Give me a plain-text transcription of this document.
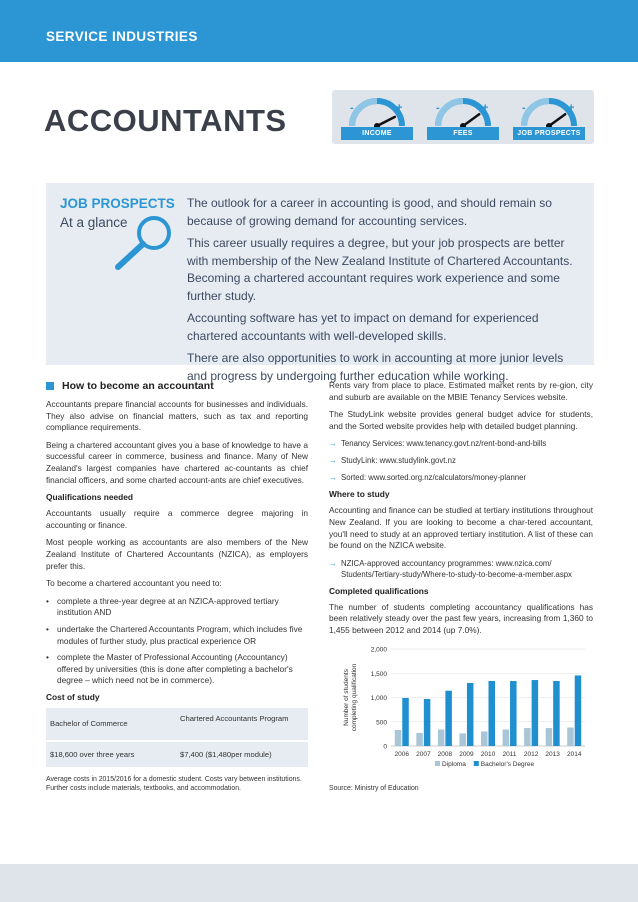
SERVICE INDUSTRIES
ACCOUNTANTS	-	+
INCOME
-	+
FEES
-	+
JOB PROSPECTS
JOB PROSPECTS
At a glance

The outlook for a career in accounting is good, and should remain so because of growing demand for accounting services.

This career usually requires a degree, but your job prospects are better with membership of the New Zealand Institute of Chartered Accountants. Becoming a chartered accountant requires work experience and some further study.

Accounting software has yet to impact on demand for experienced chartered accountants with well-developed skills.

There are also opportunities to work in accounting at more junior levels and progress by undergoing further education while working.

How to become an accountant
Accountants prepare financial accounts for businesses and individuals. They also advise on financial matters, such as tax and reporting compliance requirements.
Being a chartered accountant gives you a base of knowledge to have a successful career in commerce, business and finance. Many of New Zealand's largest companies have chartered ac-countants as chief financial officers, and some charted account-ants are chief executives.
Qualifications needed
Accountants usually require a commerce degree majoring in accounting or finance.
Most people working as accountants are also members of the New Zealand Institute of Chartered Accountants (NZICA), as employers prefer this.
To become a chartered accountant you need to:
• complete a three-year degree at an NZICA-approved tertiary institution AND
• undertake the Chartered Accountants Program, which includes five modules of further study, plus practical experience OR
• complete the Master of Professional Accounting (Accountancy) offered by universities (this is done after completing a bachelor's degree – which need not be in commerce).
Cost of study
Bachelor of Commerce	Chartered Accountants Program
$18,600 over three years	$7,400 ($1,480per module)
Average costs in 2015/2016 for a domestic student. Costs vary between institutions. Further costs include materials, textbooks, and accommodation.
Rents vary from place to place. Estimated market rents by re-gion, city and suburb are available on the MBIE Tenancy Services website.
The StudyLink website provides general budget advice for students, and the Sorted website provides help with detailed budget planning.
→ Tenancy Services: www.tenancy.govt.nz/rent-bond-and-bills
→ StudyLink: www.studylink.govt.nz
→ Sorted: www.sorted.org.nz/calculators/money-planner
Where to study
Accounting and finance can be studied at tertiary institutions throughout New Zealand. If you are looking to become a char-tered accountant, you'll need to study at an approved tertiary institution. A list of these can be found on the NZICA website.
→ NZICA-approved accountancy programmes: www.nzica.com/ Students/Tertiary-study/Where-to-study-to-become-a-member.aspx
Completed qualifications
The number of students completing accountancy qualifications has been relatively steady over the past few years, increasing from 1,360 to 1,455 between 2012 and 2014 (up 7.0%).
0
500
1,000
1,500
2,000
2006 2007 2008 2009 2010 2011 2012 2013 2014
Number of students completing qualification
Diploma Bachelor's Degree
Source: Ministry of Education
